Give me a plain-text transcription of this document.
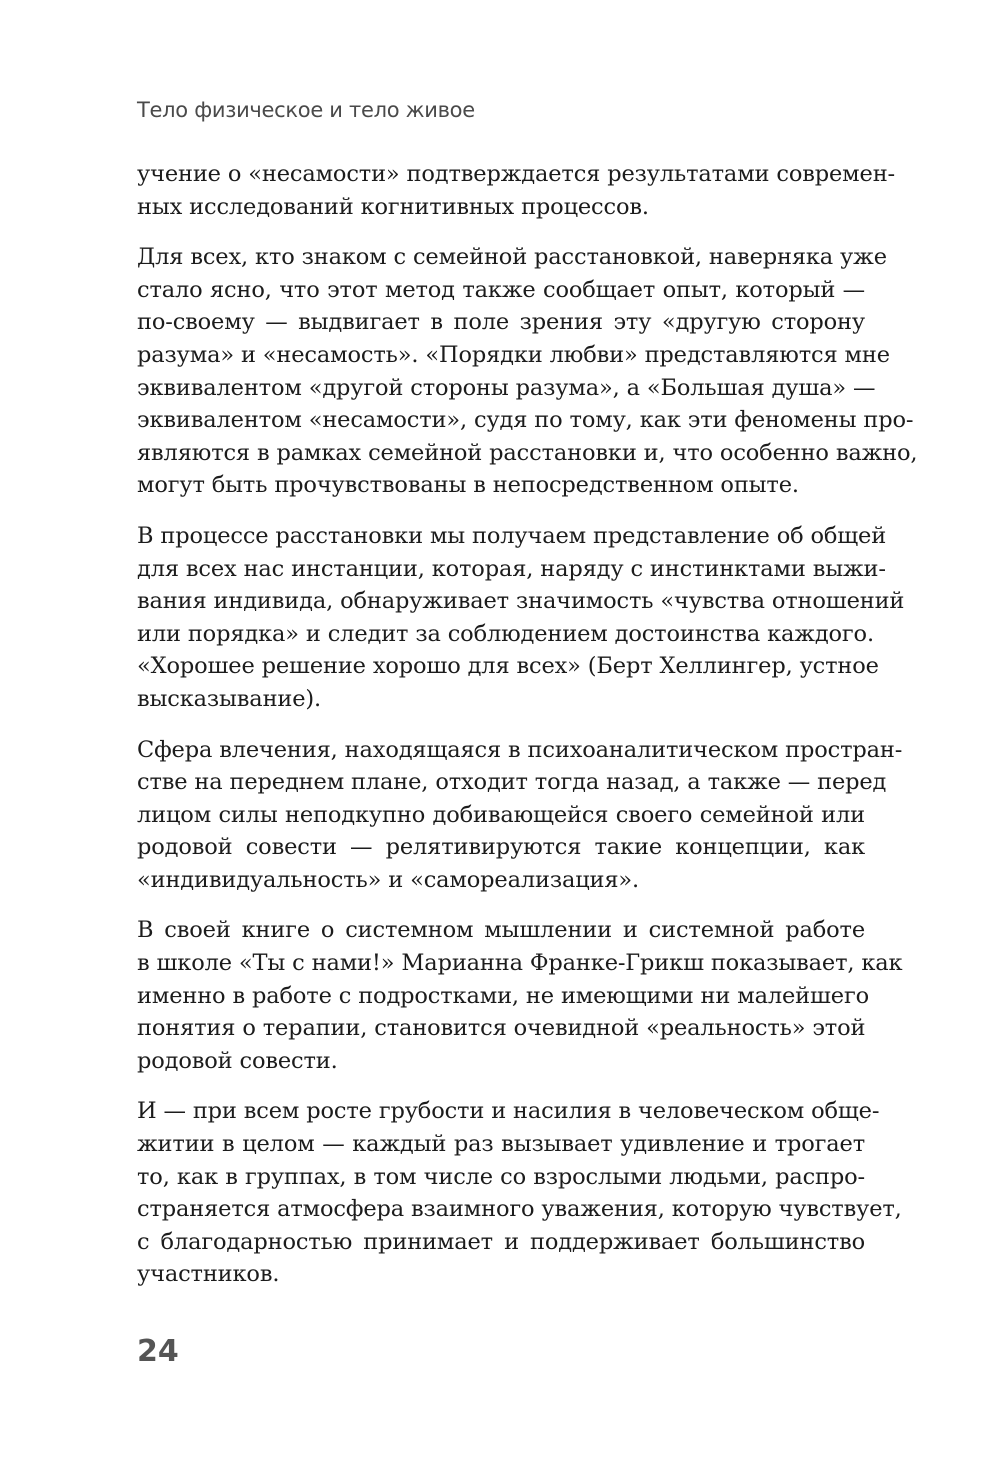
Тело физическое и тело живое
учение о «несамости» подтверждается результатами современ-
ных исследований когнитивных процессов.
Для всех, кто знаком с семейной расстановкой, наверняка уже
стало ясно, что этот метод также сообщает опыт, который —
по-своему — выдвигает в поле зрения эту «другую сторону
разума» и «несамость». «Порядки любви» представляются мне
эквивалентом «другой стороны разума», а «Большая душа» —
эквивалентом «несамости», судя по тому, как эти феномены про-
являются в рамках семейной расстановки и, что особенно важно,
могут быть прочувствованы в непосредственном опыте.
В процессе расстановки мы получаем представление об общей
для всех нас инстанции, которая, наряду с инстинктами выжи-
вания индивида, обнаруживает значимость «чувства отношений
или порядка» и следит за соблюдением достоинства каждого.
«Хорошее решение хорошо для всех» (Берт Хеллингер, устное
высказывание).
Сфера влечения, находящаяся в психоаналитическом простран-
стве на переднем плане, отходит тогда назад, а также — перед
лицом силы неподкупно добивающейся своего семейной или
родовой совести — релятивируются такие концепции, как
«индивидуальность» и «самореализация».
В своей книге о системном мышлении и системной работе
в школе «Ты с нами!» Марианна Франке-Грикш показывает, как
именно в работе с подростками, не имеющими ни малейшего
понятия о терапии, становится очевидной «реальность» этой
родовой совести.
И — при всем росте грубости и насилия в человеческом обще-
житии в целом — каждый раз вызывает удивление и трогает
то, как в группах, в том числе со взрослыми людьми, распро-
страняется атмосфера взаимного уважения, которую чувствует,
с благодарностью принимает и поддерживает большинство
участников.
24
